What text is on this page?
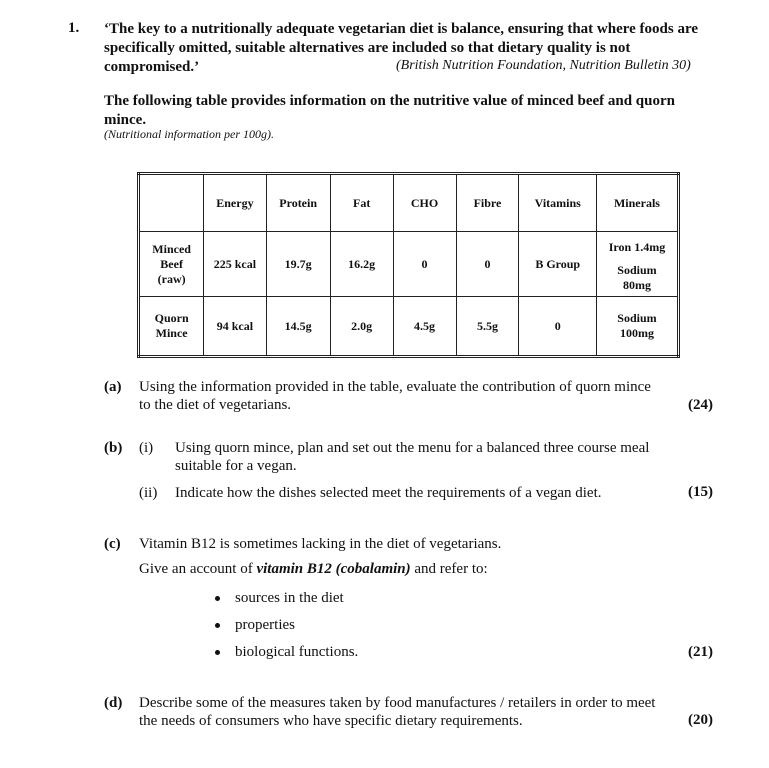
1. ‘The key to a nutritionally adequate vegetarian diet is balance, ensuring that where foods are specifically omitted, suitable alternatives are included so that dietary quality is not compromised.’	(British Nutrition Foundation, Nutrition Bulletin 30)
The following table provides information on the nutritive value of minced beef and quorn mince.
(Nutritional information per 100g).
	Energy	Protein	Fat	CHO	Fibre	Vitamins	Minerals

Minced
Beef
(raw)	225 kcal	19.7g	16.2g	0	0	B Group	Iron 1.4mg
Sodium
80mg

Quorn
Mince	94 kcal	14.5g	2.0g	4.5g	5.5g	0	Sodium
100mg
(a) Using the information provided in the table, evaluate the contribution of quorn mince
to the diet of vegetarians.	(24)
(b) (i) Using quorn mince, plan and set out the menu for a balanced three course meal
suitable for a vegan.
(ii) Indicate how the dishes selected meet the requirements of a vegan diet.	(15)
(c) Vitamin B12 is sometimes lacking in the diet of vegetarians.
Give an account of vitamin B12 (cobalamin) and refer to:
sources in the diet
properties
biological functions.	(21)
(d) Describe some of the measures taken by food manufactures / retailers in order to meet
the needs of consumers who have specific dietary requirements.	(20)
